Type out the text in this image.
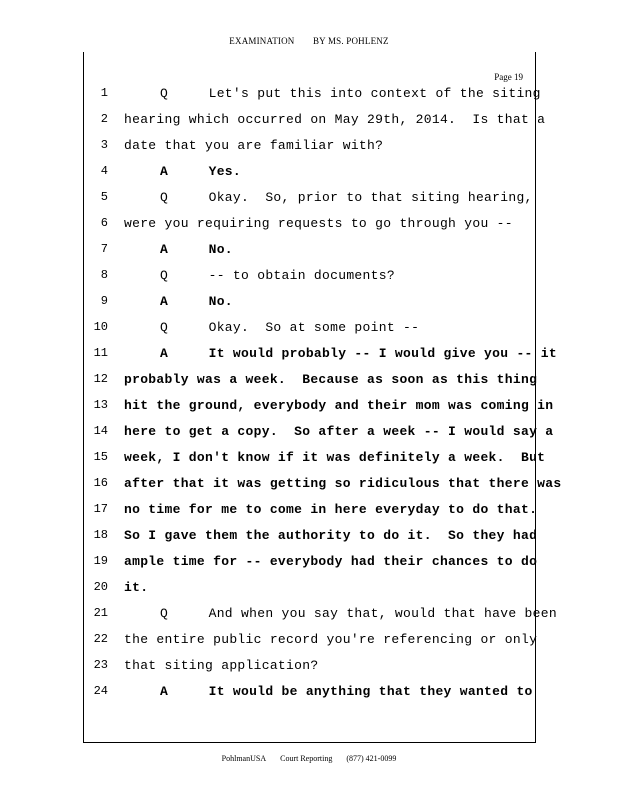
EXAMINATION BY MS. POHLENZ
Page 19
1	Q     Let's put this into context of the siting
2 hearing which occurred on May 29th, 2014.  Is that a
3 date that you are familiar with?
4	A     Yes.
5	Q     Okay.  So, prior to that siting hearing,
6 were you requiring requests to go through you --
7	A     No.
8	Q     -- to obtain documents?
9	A     No.
10	Q     Okay.  So at some point --
11	A     It would probably -- I would give you -- it
12 probably was a week.  Because as soon as this thing
13 hit the ground, everybody and their mom was coming in
14 here to get a copy.  So after a week -- I would say a
15 week, I don't know if it was definitely a week.  But
16 after that it was getting so ridiculous that there was
17 no time for me to come in here everyday to do that.
18 So I gave them the authority to do it.  So they had
19 ample time for -- everybody had their chances to do
20 it.
21	Q     And when you say that, would that have been
22 the entire public record you're referencing or only
23 that siting application?
24	A     It would be anything that they wanted to
PohlmanUSA Court Reporting (877) 421-0099
